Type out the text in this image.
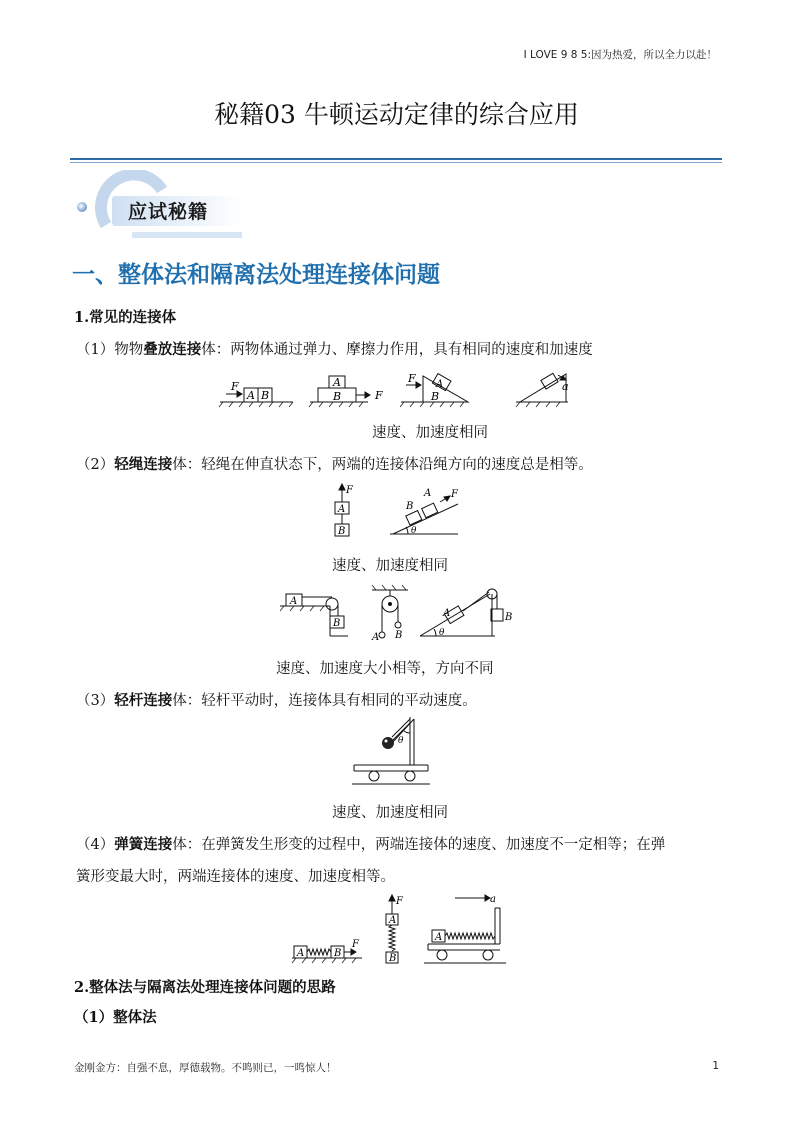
I LOVE 9 8 5:因为热爱，所以全力以赴！
秘籍03 牛顿运动定律的综合应用
应试秘籍
一、整体法和隔离法处理连接体问题
1.常见的连接体
（1）物物叠放连接体：两物体通过弹力、摩擦力作用，具有相同的速度和加速度
F
A B
A
B	F
F A
B
a
速度、加速度相同
（2）轻绳连接体：轻绳在伸直状态下，两端的连接体沿绳方向的速度总是相等。
F
A
B
B
A F
θ
速度、加速度相同
A
B
A B
A	B
θ
速度、加速度大小相等，方向不同
（3）轻杆连接体：轻杆平动时，连接体具有相同的平动速度。
θ
速度、加速度相同
（4）弹簧连接体：在弹簧发生形变的过程中，两端连接体的速度、加速度不一定相等；在弹
簧形变最大时，两端连接体的速度、加速度相等。
A	B
F
F
A
B
A
a
2.整体法与隔离法处理连接体问题的思路
（1）整体法
金刚金方：自强不息，厚德载物。不鸣则已，一鸣惊人！	1
